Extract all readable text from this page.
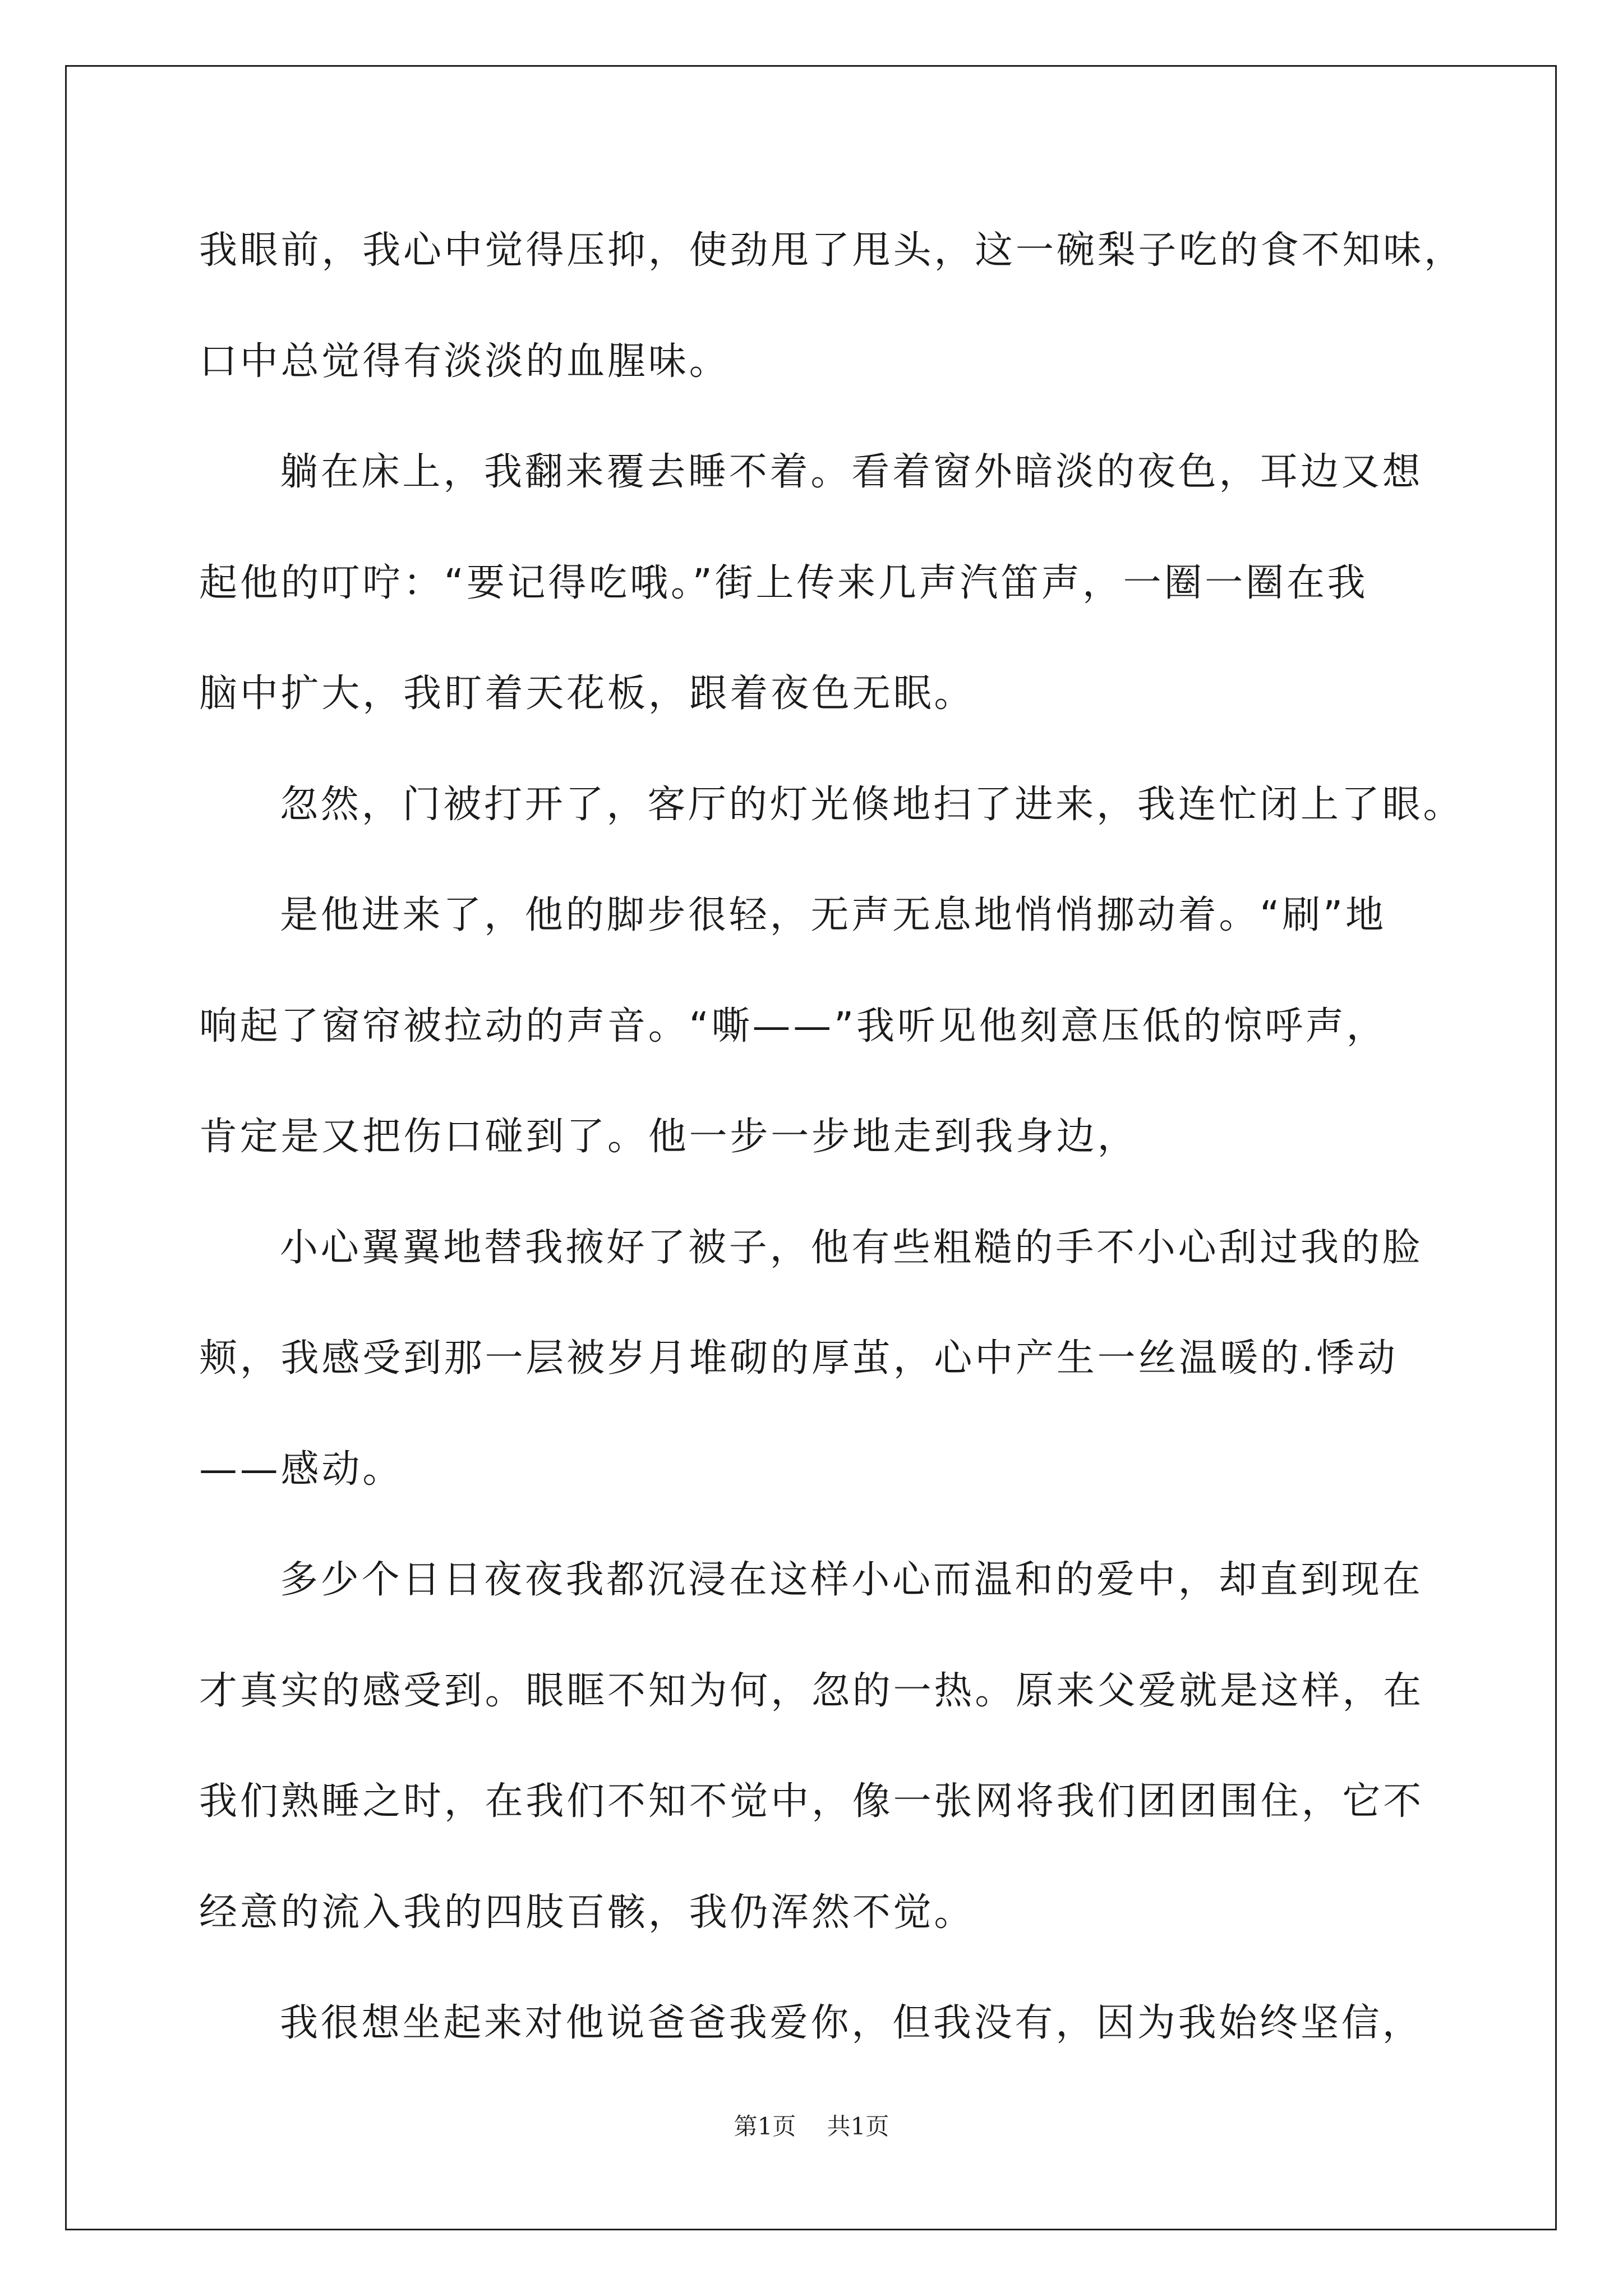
我眼前，我心中觉得压抑，使劲甩了甩头，这一碗梨子吃的食不知味，
口中总觉得有淡淡的血腥味。
躺在床上，我翻来覆去睡不着。看着窗外暗淡的夜色，耳边又想
起他的叮咛：“要记得吃哦。”街上传来几声汽笛声，一圈一圈在我
脑中扩大，我盯着天花板，跟着夜色无眠。
忽然，门被打开了，客厅的灯光倏地扫了进来，我连忙闭上了眼。
是他进来了，他的脚步很轻，无声无息地悄悄挪动着。“刷”地
响起了窗帘被拉动的声音。“嘶——”我听见他刻意压低的惊呼声，
肯定是又把伤口碰到了。他一步一步地走到我身边，
小心翼翼地替我掖好了被子，他有些粗糙的手不小心刮过我的脸
颊，我感受到那一层被岁月堆砌的厚茧，心中产生一丝温暖的.悸动
——感动。
多少个日日夜夜我都沉浸在这样小心而温和的爱中，却直到现在
才真实的感受到。眼眶不知为何，忽的一热。原来父爱就是这样，在
我们熟睡之时，在我们不知不觉中，像一张网将我们团团围住，它不
经意的流入我的四肢百骸，我仍浑然不觉。
我很想坐起来对他说爸爸我爱你，但我没有，因为我始终坚信，
第1页 共1页
